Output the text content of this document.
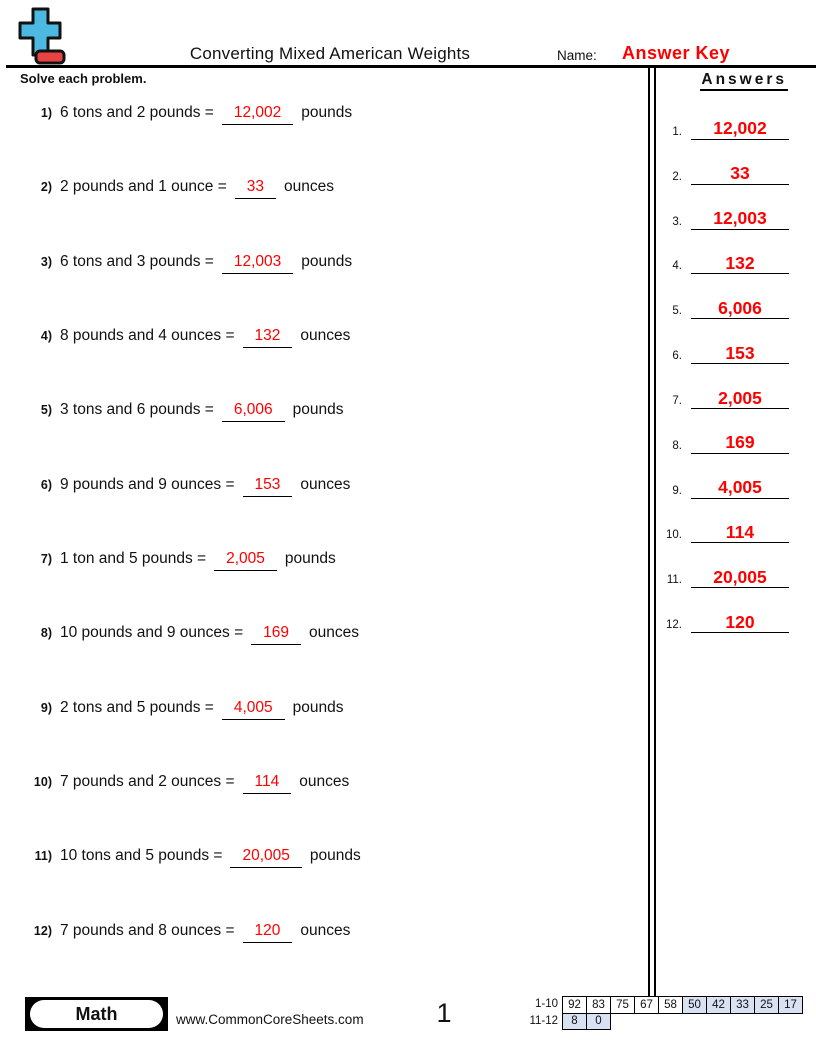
Converting Mixed American Weights	Name: Answer Key
Solve each problem.	Answers
1.	12,002
2.	33
3.	12,003
4.	132
5.	6,006
6.	153
7.	2,005
8.	169
9.	4,005
10.	114
11.	20,005
12.	120
1) 6 tons and 2 pounds =	12,002	pounds
2) 2 pounds and 1 ounce =	33	ounces
3) 6 tons and 3 pounds =	12,003	pounds
4) 8 pounds and 4 ounces =	132	ounces
5) 3 tons and 6 pounds =	6,006	pounds
6) 9 pounds and 9 ounces =	153	ounces
7) 1 ton and 5 pounds =	2,005	pounds
8) 10 pounds and 9 ounces =	169	ounces
9) 2 tons and 5 pounds =	4,005	pounds
10) 7 pounds and 2 ounces =	114	ounces
11) 10 tons and 5 pounds =	20,005	pounds
12) 7 pounds and 8 ounces =	120	ounces
Math	www.CommonCoreSheets.com	1	1-10 92 83 75 67 58 50 42 33 25 17
11-12	8	0
